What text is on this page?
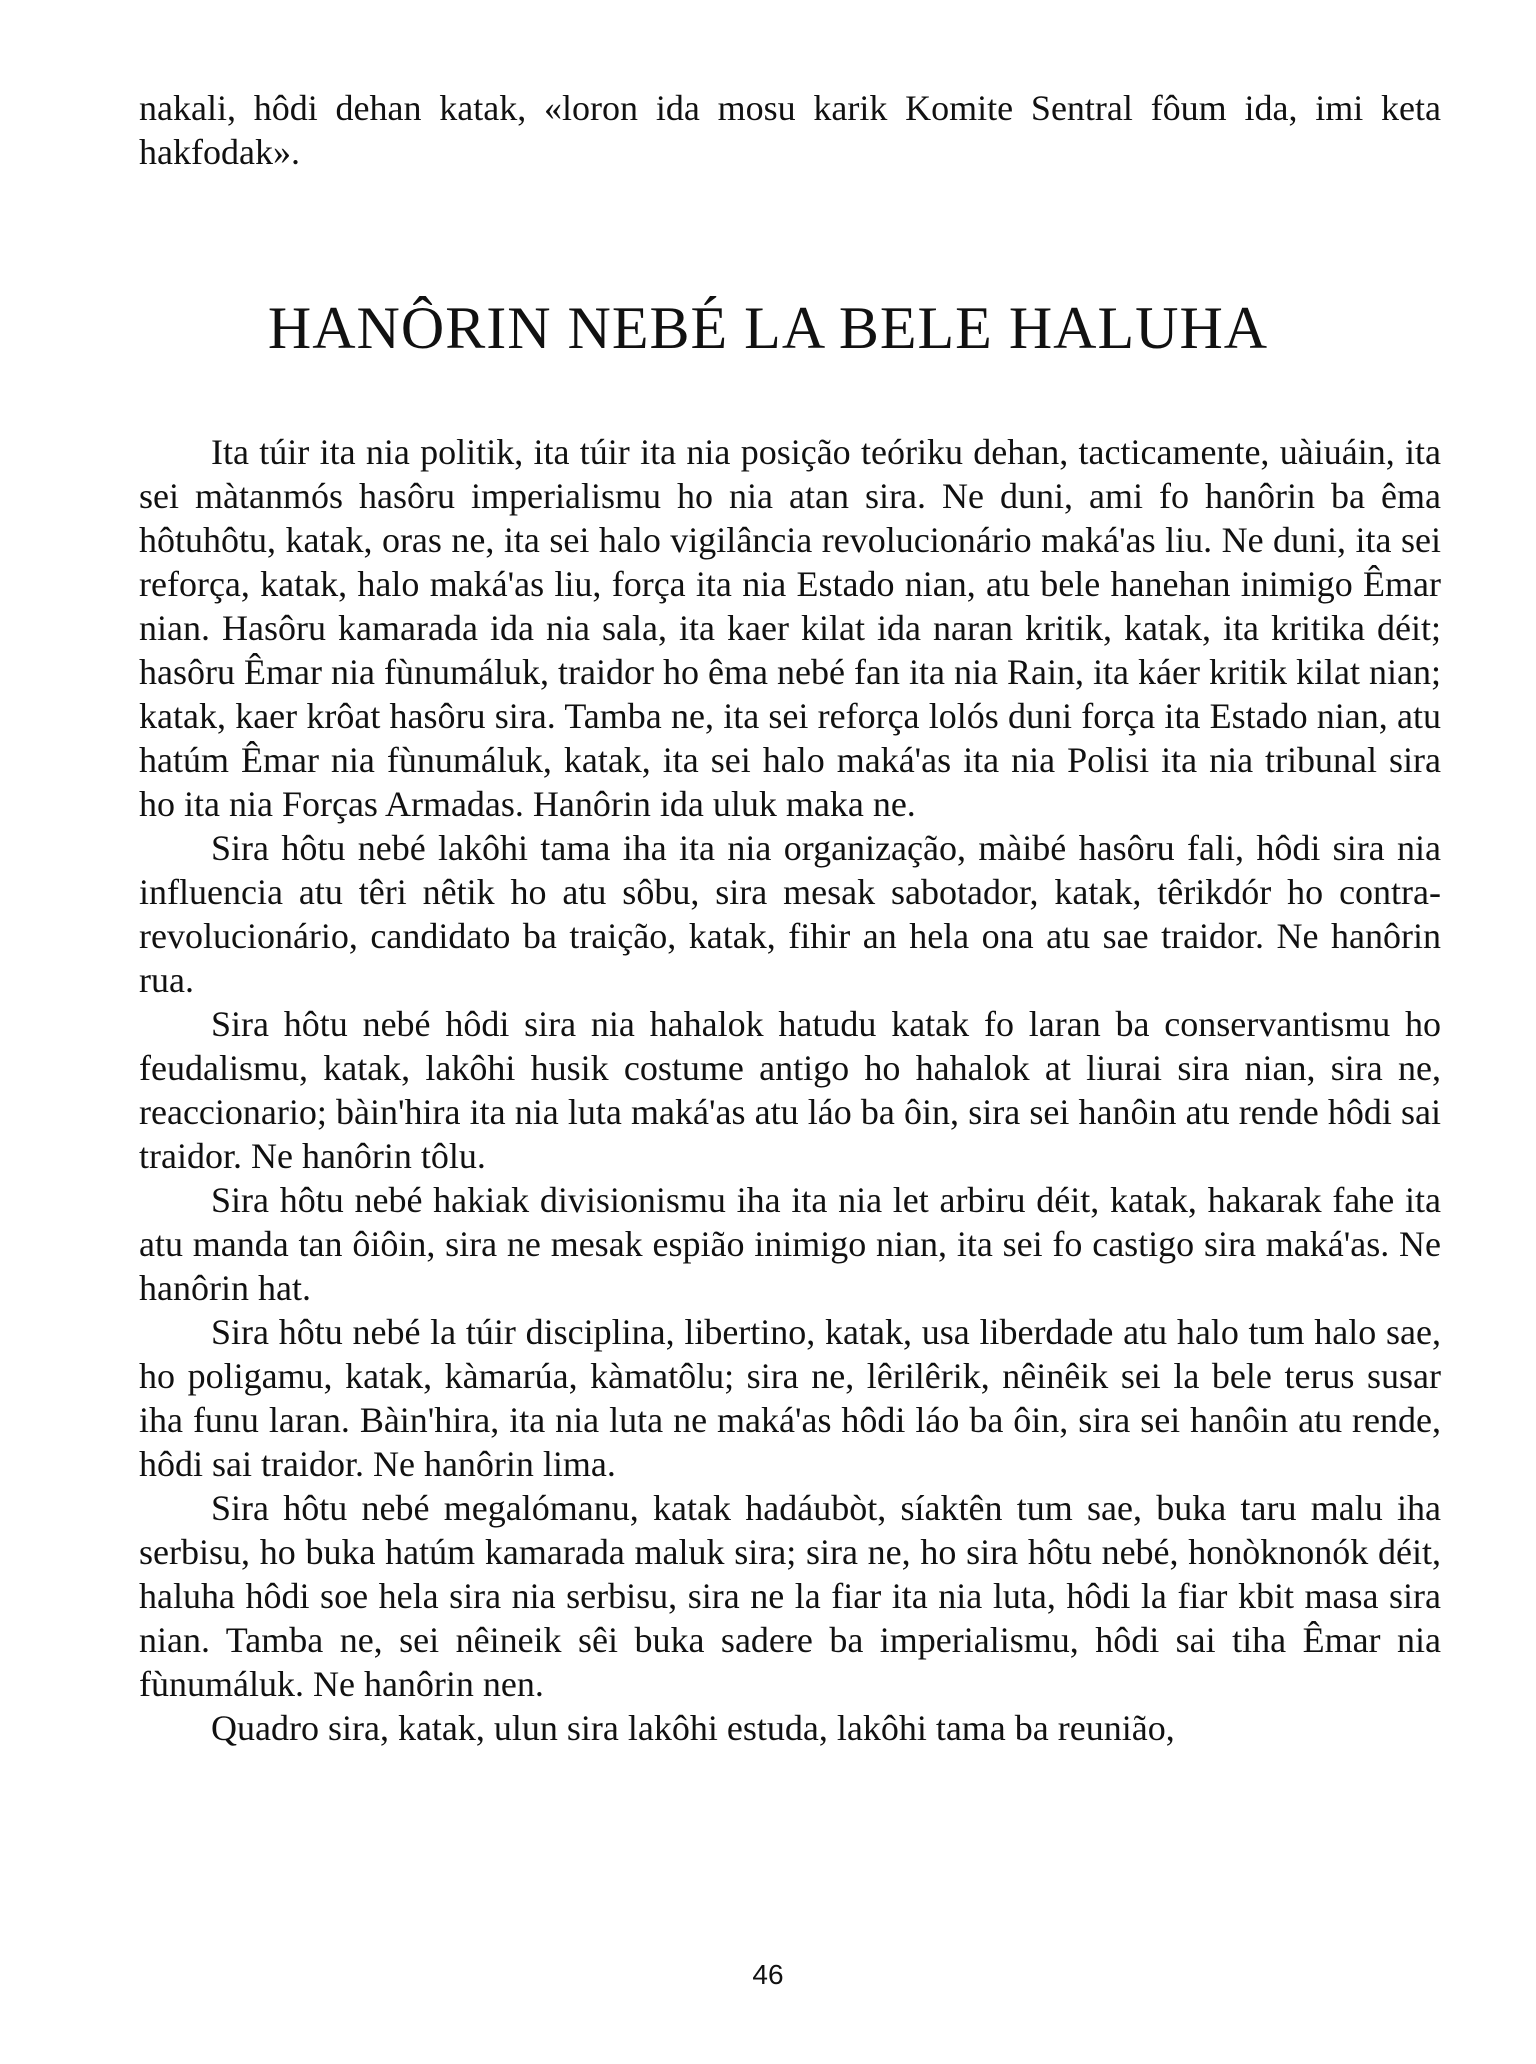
nakali, hôdi dehan katak, «loron ida mosu karik Komite Sentral fôum ida, imi keta hakfodak».
HANÔRIN NEBÉ LA BELE HALUHA

Ita túir ita nia politik, ita túir ita nia posição teóriku dehan, tacticamente, uàiuáin, ita sei màtanmós hasôru imperialismu ho nia atan sira. Ne duni, ami fo hanôrin ba êma hôtuhôtu, katak, oras ne, ita sei halo vigilância revolucionário maká'as liu. Ne duni, ita sei reforça, katak, halo maká'as liu, força ita nia Estado nian, atu bele hanehan inimigo Êmar nian. Hasôru kamarada ida nia sala, ita kaer kilat ida naran kritik, katak, ita kritika déit; hasôru Êmar nia fùnumáluk, traidor ho êma nebé fan ita nia Rain, ita káer kritik kilat nian; katak, kaer krôat hasôru sira. Tamba ne, ita sei reforça lolós duni força ita Estado nian, atu hatúm Êmar nia fùnumáluk, katak, ita sei halo maká'as ita nia Polisi ita nia tribunal sira ho ita nia Forças Armadas. Hanôrin ida uluk maka ne.

Sira hôtu nebé lakôhi tama iha ita nia organização, màibé hasôru fali, hôdi sira nia influencia atu têri nêtik ho atu sôbu, sira mesak sabotador, katak, têrikdór ho contra-revolucionário, candidato ba traição, katak, fihir an hela ona atu sae traidor. Ne hanôrin rua.

Sira hôtu nebé hôdi sira nia hahalok hatudu katak fo laran ba conservantismu ho feudalismu, katak, lakôhi husik costume antigo ho hahalok at liurai sira nian, sira ne, reaccionario; bàin'hira ita nia luta maká'as atu láo ba ôin, sira sei hanôin atu rende hôdi sai traidor. Ne hanôrin tôlu.

Sira hôtu nebé hakiak divisionismu iha ita nia let arbiru déit, katak, hakarak fahe ita atu manda tan ôiôin, sira ne mesak espião inimigo nian, ita sei fo castigo sira maká'as. Ne hanôrin hat.

Sira hôtu nebé la túir disciplina, libertino, katak, usa liberdade atu halo tum halo sae, ho poligamu, katak, kàmarúa, kàmatôlu; sira ne, lêrilêrik, nêinêik sei la bele terus susar iha funu laran. Bàin'hira, ita nia luta ne maká'as hôdi láo ba ôin, sira sei hanôin atu rende, hôdi sai traidor. Ne hanôrin lima.

Sira hôtu nebé megalómanu, katak hadáubòt, síaktên tum sae, buka taru malu iha serbisu, ho buka hatúm kamarada maluk sira; sira ne, ho sira hôtu nebé, honòknonók déit, haluha hôdi soe hela sira nia serbisu, sira ne la fiar ita nia luta, hôdi la fiar kbit masa sira nian. Tamba ne, sei nêineik sêi buka sadere ba imperialismu, hôdi sai tiha Êmar nia fùnumáluk. Ne hanôrin nen.

Quadro sira, katak, ulun sira lakôhi estuda, lakôhi tama ba reunião,

46
